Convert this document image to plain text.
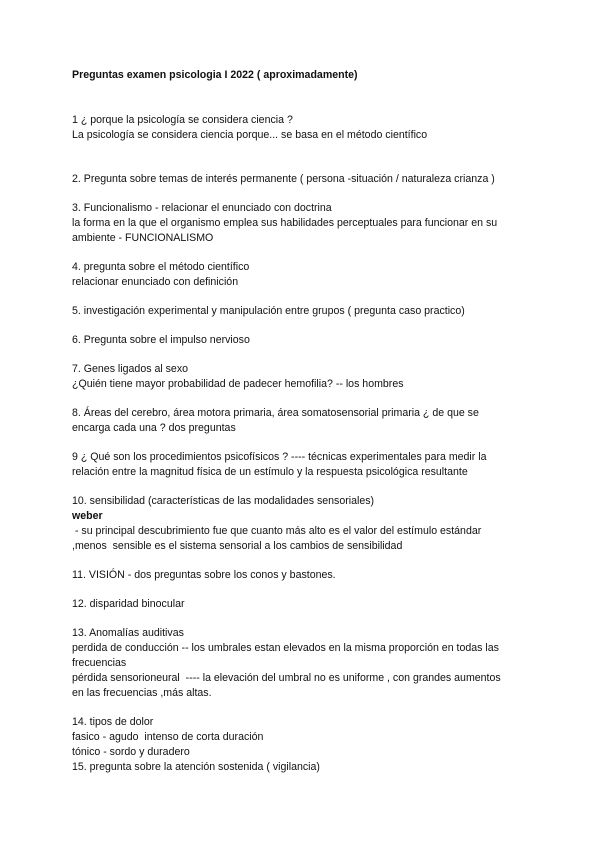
Preguntas examen psicologia I 2022 ( aproximadamente)

1 ¿ porque la psicología se considera ciencia ?
La psicología se considera ciencia porque... se basa en el método científico
2. Pregunta sobre temas de interés permanente ( persona -situación / naturaleza crianza )
3. Funcionalismo - relacionar el enunciado con doctrina
la forma en la que el organismo emplea sus habilidades perceptuales para funcionar en su
ambiente - FUNCIONALISMO
4. pregunta sobre el método científico
relacionar enunciado con definición
5. investigación experimental y manipulación entre grupos ( pregunta caso practico)
6. Pregunta sobre el impulso nervioso
7. Genes ligados al sexo
¿Quién tiene mayor probabilidad de padecer hemofilia? -- los hombres
8. Áreas del cerebro, área motora primaria, área somatosensorial primaria ¿ de que se
encarga cada una ? dos preguntas
9 ¿ Qué son los procedimientos psicofísicos ? ---- técnicas experimentales para medir la
relación entre la magnitud física de un estímulo y la respuesta psicológica resultante
10. sensibilidad (características de las modalidades sensoriales)
weber
- su principal descubrimiento fue que cuanto más alto es el valor del estímulo estándar
,menos  sensible es el sistema sensorial a los cambios de sensibilidad
11. VISIÓN - dos preguntas sobre los conos y bastones.
12. disparidad binocular
13. Anomalías auditivas
perdida de conducción -- los umbrales estan elevados en la misma proporción en todas las
frecuencias
pérdida sensorioneural  ---- la elevación del umbral no es uniforme , con grandes aumentos
en las frecuencias ,más altas.
14. tipos de dolor
fasico - agudo  intenso de corta duración
tónico - sordo y duradero
15. pregunta sobre la atención sostenida ( vigilancia)
